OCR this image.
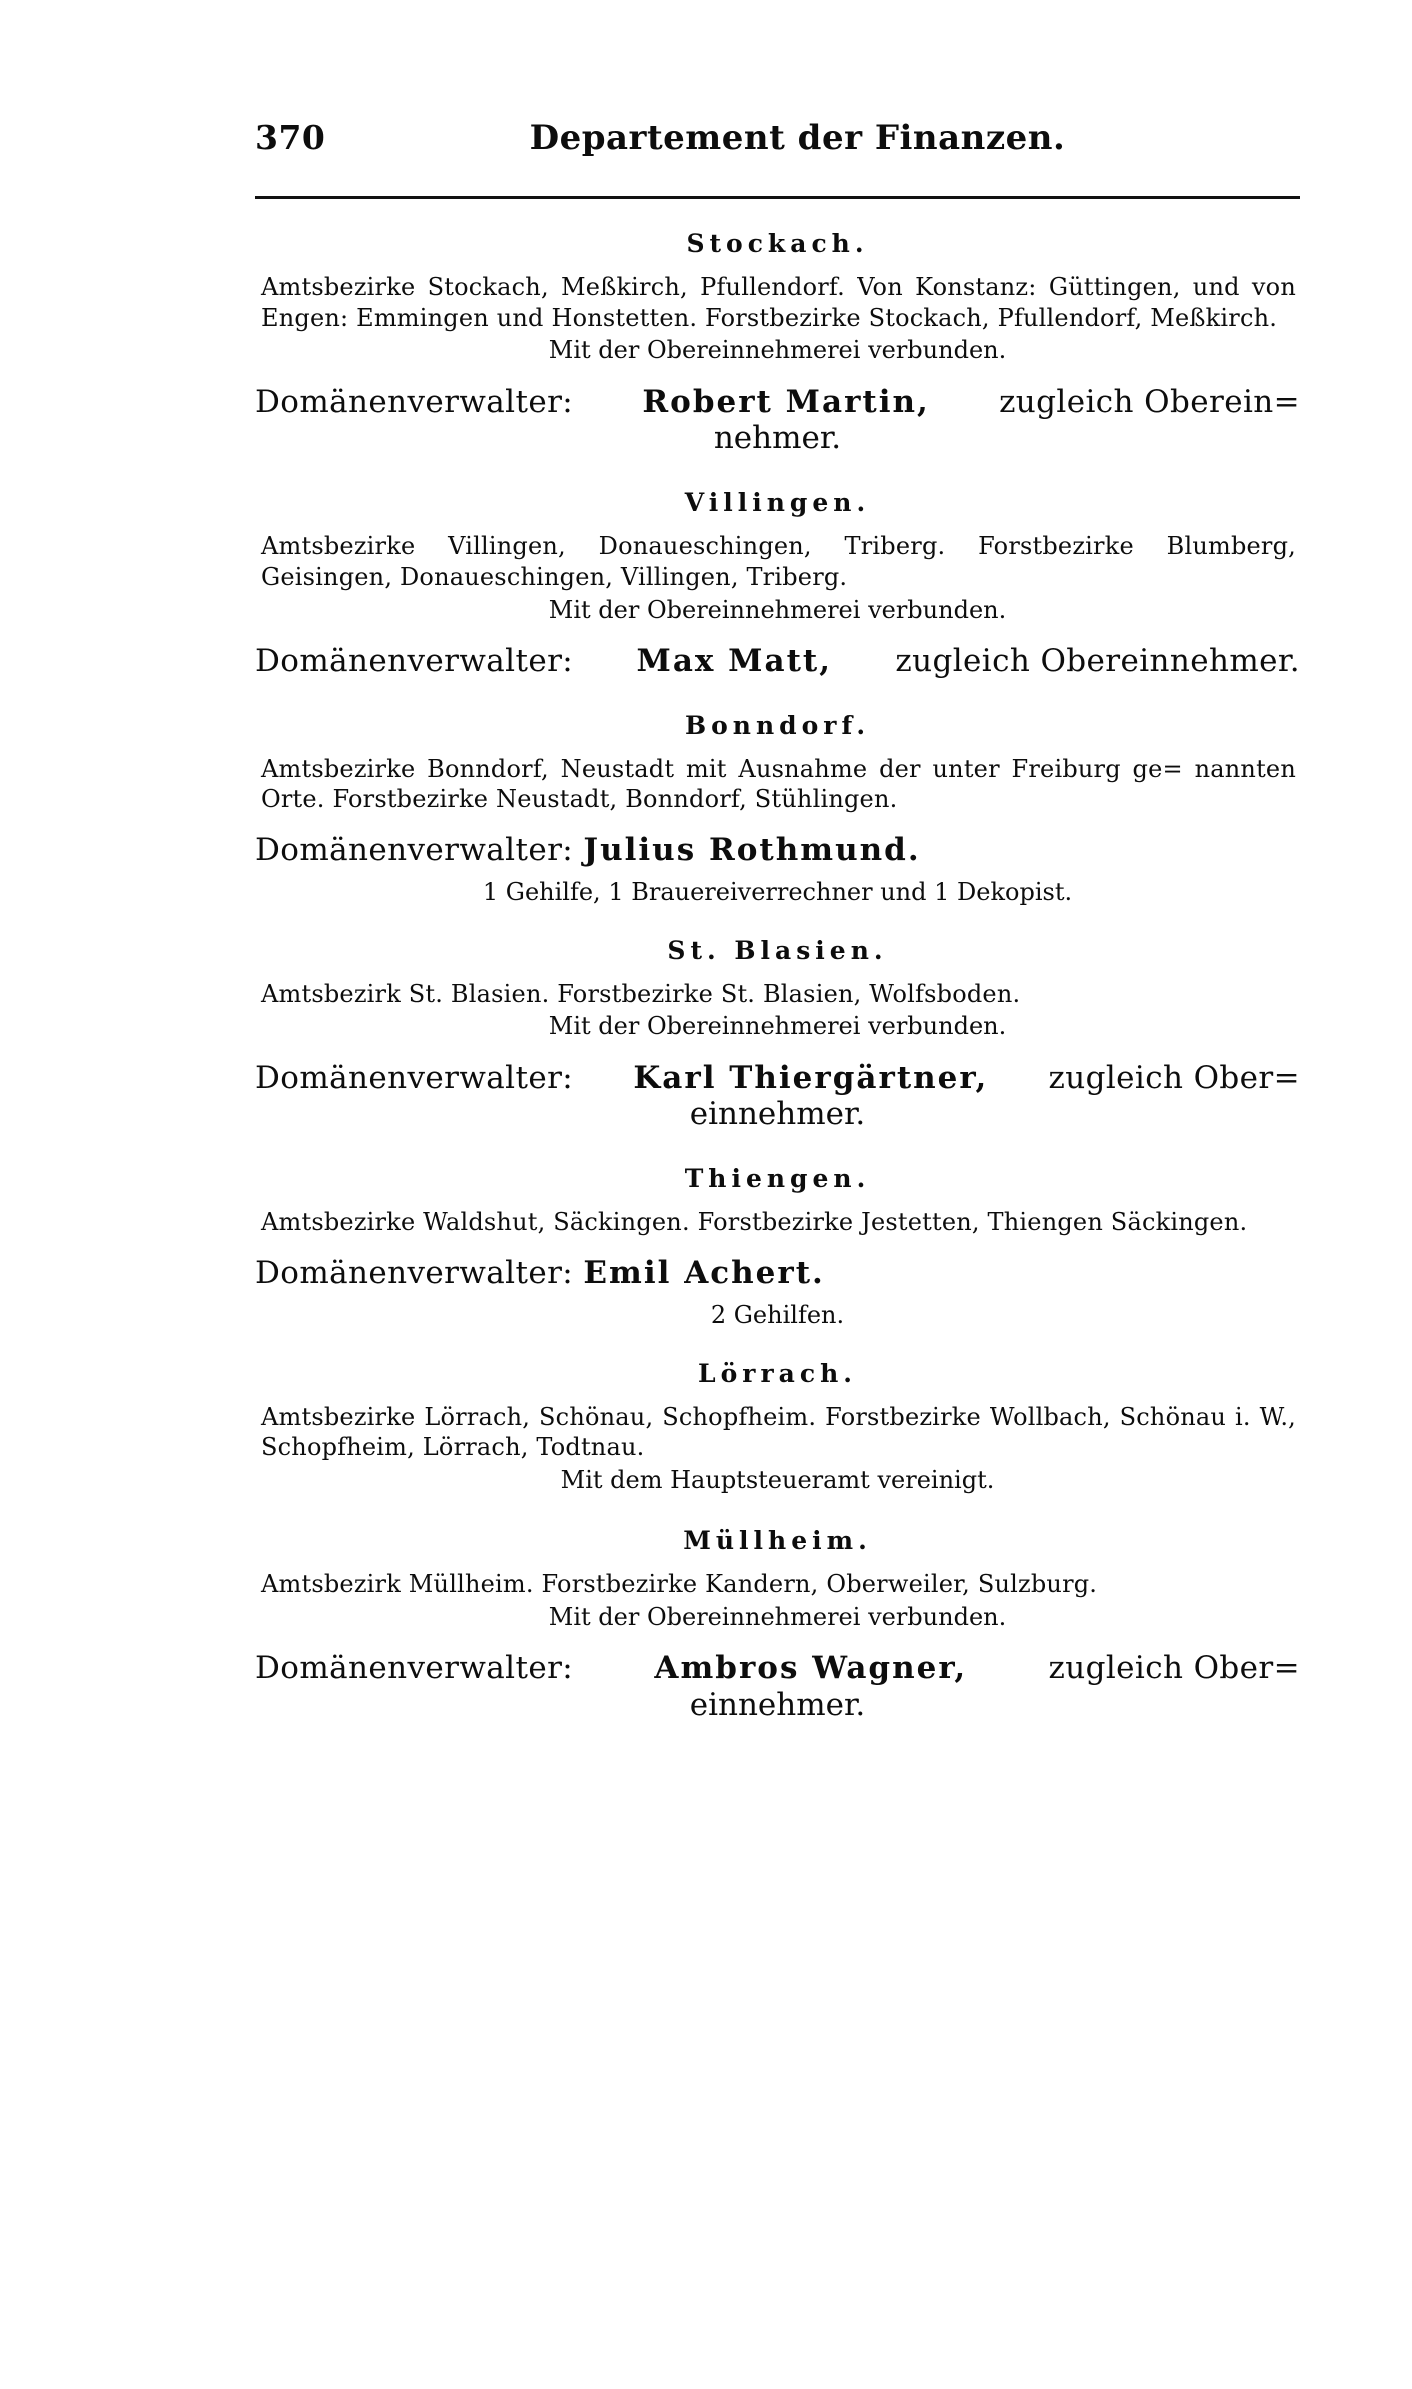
370	Departement der Finanzen.
Stockach.
Amtsbezirke Stockach, Meßkirch, Pfullendorf. Von Konstanz: Güttingen, und von Engen: Emmingen und Honstetten. Forstbezirke Stockach, Pfullendorf, Meßkirch.
Mit der Obereinnehmerei verbunden.
Domänenverwalter: Robert Martin, zugleich Oberein=
nehmer.
Villingen.
Amtsbezirke Villingen, Donaueschingen, Triberg. Forstbezirke Blumberg, Geisingen, Donaueschingen, Villingen, Triberg.
Mit der Obereinnehmerei verbunden.
Domänenverwalter: Max Matt, zugleich Obereinnehmer.
Bonndorf.
Amtsbezirke Bonndorf, Neustadt mit Ausnahme der unter Freiburg ge= nannten Orte. Forstbezirke Neustadt, Bonndorf, Stühlingen.
Domänenverwalter: Julius Rothmund.
1 Gehilfe, 1 Brauereiverrechner und 1 Dekopist.
St. Blasien.
Amtsbezirk St. Blasien. Forstbezirke St. Blasien, Wolfsboden.
Mit der Obereinnehmerei verbunden.
Domänenverwalter: Karl Thiergärtner, zugleich Ober=
einnehmer.
Thiengen.
Amtsbezirke Waldshut, Säckingen. Forstbezirke Jestetten, Thiengen Säckingen.
Domänenverwalter: Emil Achert.
2 Gehilfen.
Lörrach.
Amtsbezirke Lörrach, Schönau, Schopfheim. Forstbezirke Wollbach, Schönau i. W., Schopfheim, Lörrach, Todtnau.
Mit dem Hauptsteueramt vereinigt.
Müllheim.
Amtsbezirk Müllheim. Forstbezirke Kandern, Oberweiler, Sulzburg.
Mit der Obereinnehmerei verbunden.
Domänenverwalter:	Ambros Wagner,	zugleich Ober=
einnehmer.
